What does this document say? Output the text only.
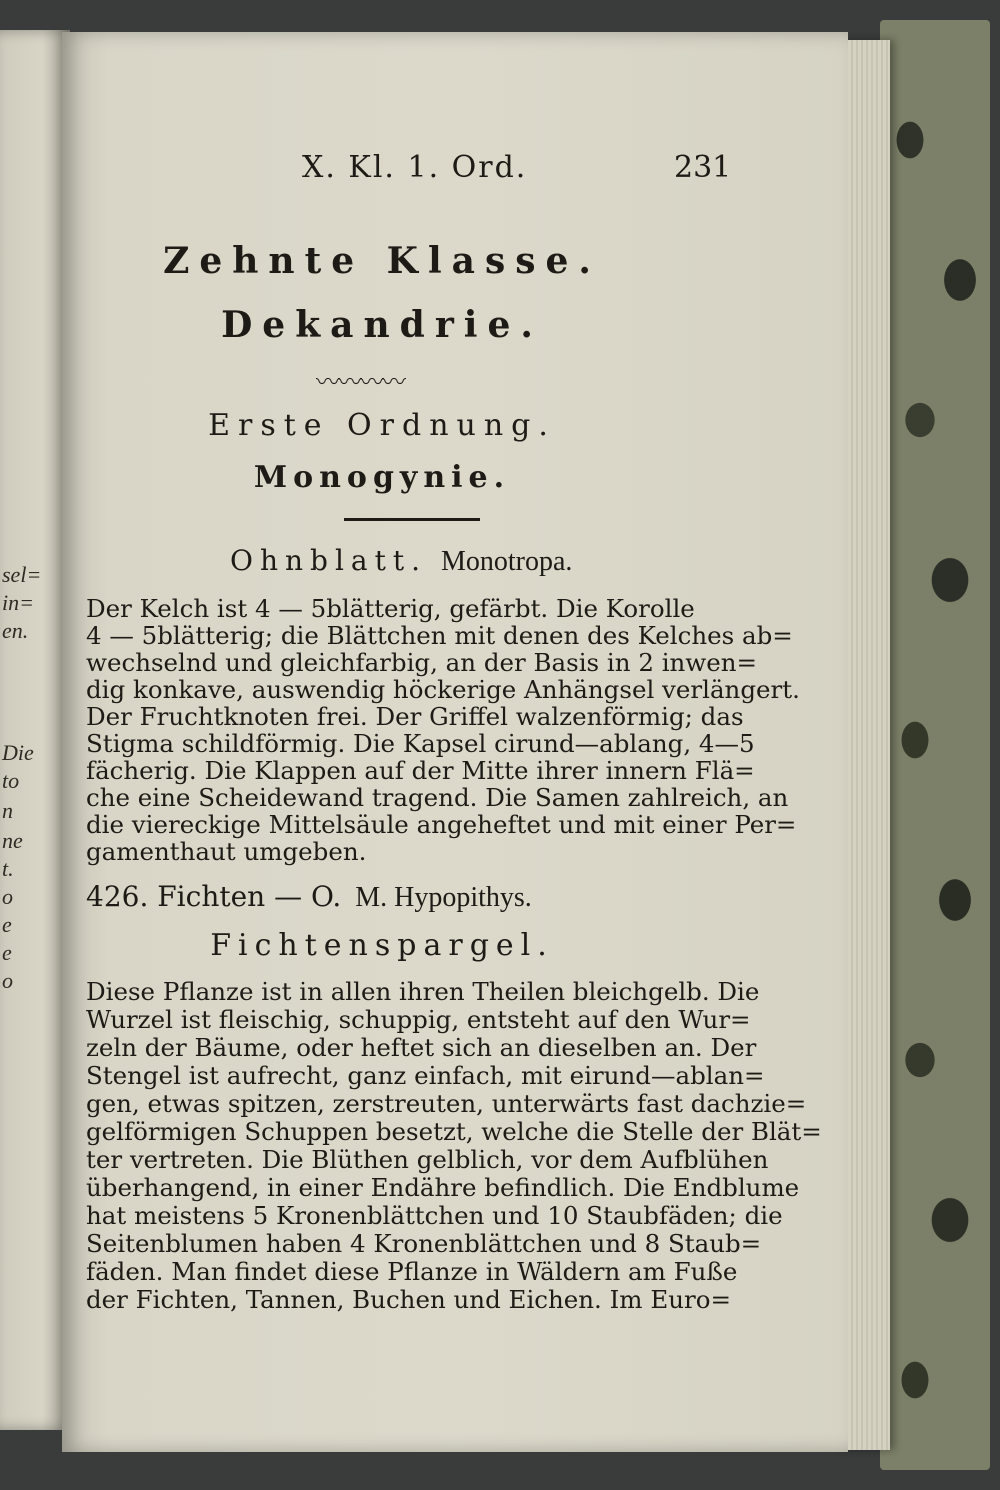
sel=
in=
en.
Die
to
n
ne
t.
o
e
e
o
X. Kl. 1. Ord.	231
Zehnte Klasse.
Dekandrie.
〰〰〰〰
Erste Ordnung.
Monogynie.
Ohnblatt. Monotropa.
Der Kelch ist 4 — 5blätterig, gefärbt. Die Korolle
4 — 5blätterig; die Blättchen mit denen des Kelches ab=
wechselnd und gleichfarbig, an der Basis in 2 inwen=
dig konkave, auswendig höckerige Anhängsel verlängert.
Der Fruchtknoten frei. Der Griffel walzenförmig; das
Stigma schildförmig. Die Kapsel cirund—ablang, 4—5
fächerig. Die Klappen auf der Mitte ihrer innern Flä=
che eine Scheidewand tragend. Die Samen zahlreich, an
die viereckige Mittelsäule angeheftet und mit einer Per=
gamenthaut umgeben.
426. Fichten — O. M. Hypopithys.
Fichtenspargel.
Diese Pflanze ist in allen ihren Theilen bleichgelb. Die
Wurzel ist fleischig, schuppig, entsteht auf den Wur=
zeln der Bäume, oder heftet sich an dieselben an. Der
Stengel ist aufrecht, ganz einfach, mit eirund—ablan=
gen, etwas spitzen, zerstreuten, unterwärts fast dachzie=
gelförmigen Schuppen besetzt, welche die Stelle der Blät=
ter vertreten. Die Blüthen gelblich, vor dem Aufblühen
überhangend, in einer Endähre befindlich. Die Endblume
hat meistens 5 Kronenblättchen und 10 Staubfäden; die
Seitenblumen haben 4 Kronenblättchen und 8 Staub=
fäden. Man findet diese Pflanze in Wäldern am Fuße
der Fichten, Tannen, Buchen und Eichen. Im Euro=
